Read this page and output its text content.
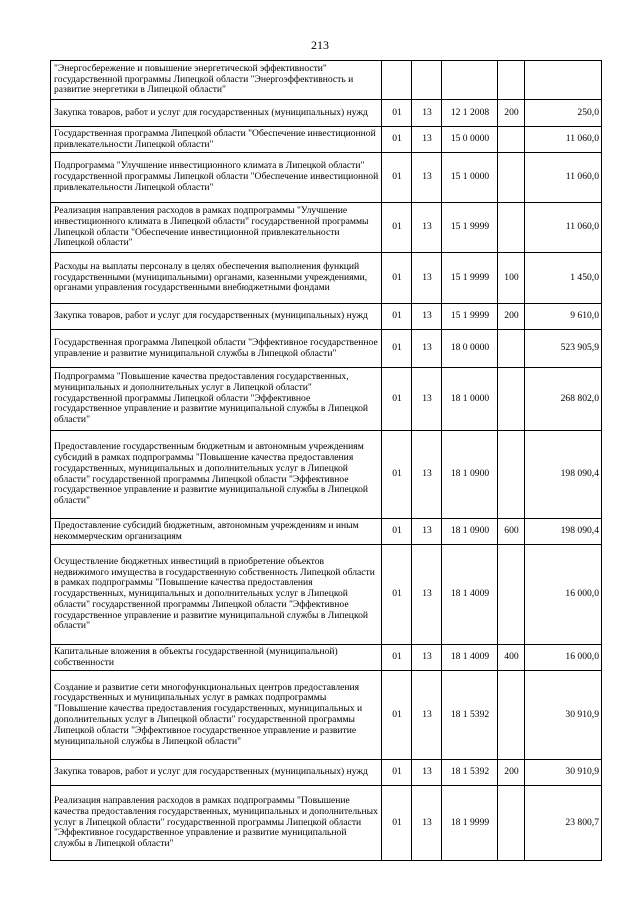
213
"Энергосбережение и повышение энергетической эффективности" государственной программы Липецкой области "Энергоэффективность и развитие энергетики в Липецкой области"					
Закупка товаров, работ и услуг для государственных (муниципальных) нужд	01	13	12 1 2008	200	250,0
Государственная программа Липецкой области "Обеспечение инвестиционной привлекательности Липецкой области"	01	13	15 0 0000		11 060,0
Подпрограмма "Улучшение инвестиционного климата в Липецкой области" государственной программы Липецкой области "Обеспечение инвестиционной привлекательности Липецкой области"	01	13	15 1 0000		11 060,0
Реализация направления расходов в рамках подпрограммы "Улучшение инвестиционного климата в Липецкой области" государственной программы Липецкой области "Обеспечение инвестиционной привлекательности Липецкой области"	01	13	15 1 9999		11 060,0
Расходы на выплаты персоналу в целях обеспечения выполнения функций государственными (муниципальными) органами, казенными учреждениями, органами управления государственными внебюджетными фондами	01	13	15 1 9999	100	1 450,0
Закупка товаров, работ и услуг для государственных (муниципальных) нужд	01	13	15 1 9999	200	9 610,0
Государственная программа Липецкой области "Эффективное государственное управление и развитие муниципальной службы в Липецкой области"	01	13	18 0 0000		523 905,9
Подпрограмма "Повышение качества предоставления государственных, муниципальных и дополнительных услуг в Липецкой области" государственной программы Липецкой области "Эффективное государственное управление и развитие муниципальной службы в Липецкой области"	01	13	18 1 0000		268 802,0
Предоставление государственным бюджетным и автономным учреждениям субсидий в рамках подпрограммы "Повышение качества предоставления государственных, муниципальных и дополнительных услуг в Липецкой области" государственной программы Липецкой области "Эффективное государственное управление и развитие муниципальной службы в Липецкой области"	01	13	18 1 0900		198 090,4
Предоставление субсидий бюджетным, автономным учреждениям и иным некоммерческим организациям	01	13	18 1 0900	600	198 090,4
Осуществление бюджетных инвестиций в приобретение объектов недвижимого имущества в государственную собственность Липецкой области в рамках подпрограммы "Повышение качества предоставления государственных, муниципальных и дополнительных услуг в Липецкой области" государственной программы Липецкой области "Эффективное государственное управление и развитие муниципальной службы в Липецкой области"	01	13	18 1 4009		16 000,0
Капитальные вложения в объекты государственной (муниципальной) собственности	01	13	18 1 4009	400	16 000,0
Создание и развитие сети многофункциональных центров предоставления государственных и муниципальных услуг в рамках подпрограммы "Повышение качества предоставления государственных, муниципальных и дополнительных услуг в Липецкой области" государственной программы Липецкой области "Эффективное государственное управление и развитие муниципальной службы в Липецкой области"	01	13	18 1 5392		30 910,9
Закупка товаров, работ и услуг для государственных (муниципальных) нужд	01	13	18 1 5392	200	30 910,9
Реализация направления расходов в рамках подпрограммы "Повышение качества предоставления государственных, муниципальных и дополнительных услуг в Липецкой области" государственной программы Липецкой области "Эффективное государственное управление и развитие муниципальной службы в Липецкой области"	01	13	18 1 9999		23 800,7
